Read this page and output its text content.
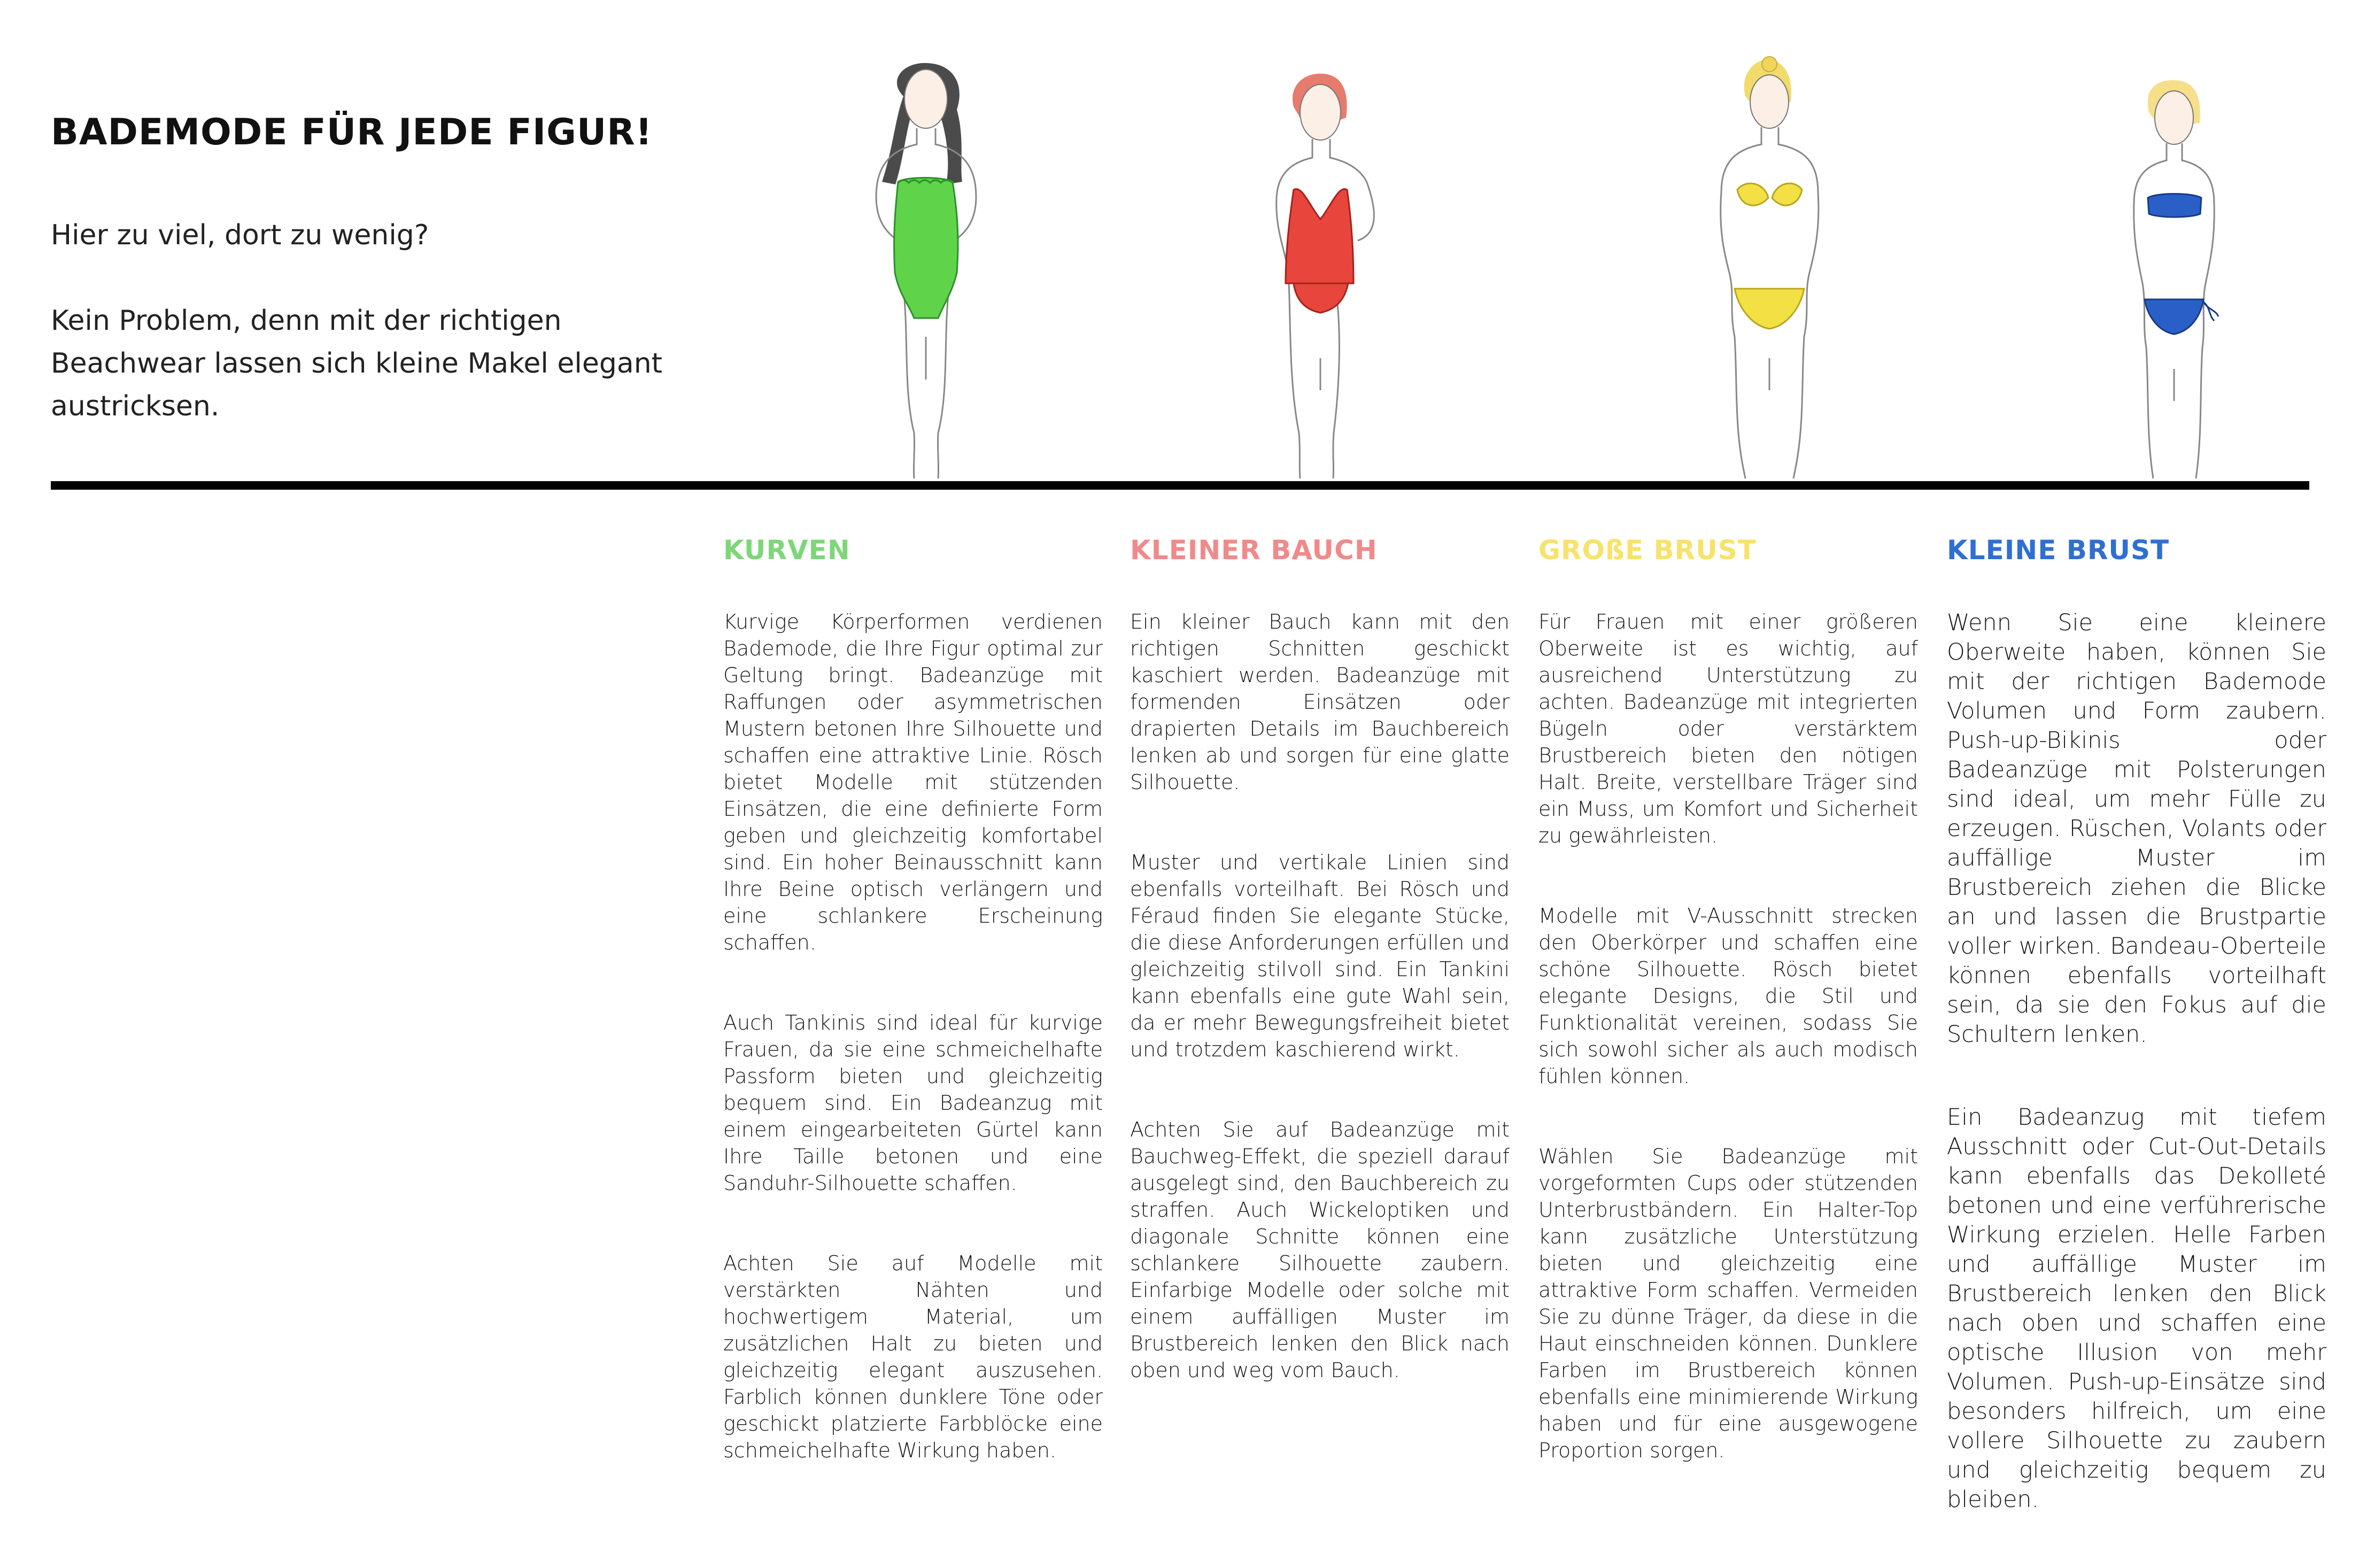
BADEMODE FÜR JEDE FIGUR!

Hier zu viel, dort zu wenig?

Kein Problem, denn mit der richtigen Beachwear lassen sich kleine Makel elegant austricksen.

KURVEN

Kurvige Körperformen verdienen Bademode, die Ihre Figur optimal zur Geltung bringt. Badeanzüge mit Raffungen oder asymmetrischen Mustern betonen Ihre Silhouette und schaffen eine attraktive Linie. Rösch bietet Modelle mit stützenden Einsätzen, die eine definierte Form geben und gleichzeitig komfortabel sind. Ein hoher Beinausschnitt kann Ihre Beine optisch verlängern und eine schlankere Erscheinung schaffen.

Auch Tankinis sind ideal für kurvige Frauen, da sie eine schmeichelhafte Passform bieten und gleichzeitig bequem sind. Ein Badeanzug mit einem eingearbeiteten Gürtel kann Ihre Taille betonen und eine Sanduhr-Silhouette schaffen.

Achten Sie auf Modelle mit verstärkten Nähten und hochwertigem Material, um zusätzlichen Halt zu bieten und gleichzeitig elegant auszusehen. Farblich können dunklere Töne oder geschickt platzierte Farbblöcke eine schmeichelhafte Wirkung haben.

KLEINER BAUCH

Ein kleiner Bauch kann mit den richtigen Schnitten geschickt kaschiert werden. Badeanzüge mit formenden Einsätzen oder drapierten Details im Bauchbereich lenken ab und sorgen für eine glatte Silhouette.

Muster und vertikale Linien sind ebenfalls vorteilhaft. Bei Rösch und Féraud finden Sie elegante Stücke, die diese Anforderungen erfüllen und gleichzeitig stilvoll sind. Ein Tankini kann ebenfalls eine gute Wahl sein, da er mehr Bewegungsfreiheit bietet und trotzdem kaschierend wirkt.

Achten Sie auf Badeanzüge mit Bauchweg-Effekt, die speziell darauf ausgelegt sind, den Bauchbereich zu straffen. Auch Wickeloptiken und diagonale Schnitte können eine schlankere Silhouette zaubern. Einfarbige Modelle oder solche mit einem auffälligen Muster im Brustbereich lenken den Blick nach oben und weg vom Bauch.

GROßE BRUST

Für Frauen mit einer größeren Oberweite ist es wichtig, auf ausreichend Unterstützung zu achten. Badeanzüge mit integrierten Bügeln oder verstärktem Brustbereich bieten den nötigen Halt. Breite, verstellbare Träger sind ein Muss, um Komfort und Sicherheit zu gewährleisten.

Modelle mit V-Ausschnitt strecken den Oberkörper und schaffen eine schöne Silhouette. Rösch bietet elegante Designs, die Stil und Funktionalität vereinen, sodass Sie sich sowohl sicher als auch modisch fühlen können.

Wählen Sie Badeanzüge mit vorgeformten Cups oder stützenden Unterbrustbändern. Ein Halter-Top kann zusätzliche Unterstützung bieten und gleichzeitig eine attraktive Form schaffen. Vermeiden Sie zu dünne Träger, da diese in die Haut einschneiden können. Dunklere Farben im Brustbereich können ebenfalls eine minimierende Wirkung haben und für eine ausgewogene Proportion sorgen.

KLEINE BRUST

Wenn Sie eine kleinere Oberweite haben, können Sie mit der richtigen Bademode Volumen und Form zaubern. Push-up-Bikinis oder Badeanzüge mit Polsterungen sind ideal, um mehr Fülle zu erzeugen. Rüschen, Volants oder auffällige Muster im Brustbereich ziehen die Blicke an und lassen die Brustpartie voller wirken. Bandeau-Oberteile können ebenfalls vorteilhaft sein, da sie den Fokus auf die Schultern lenken.

Ein Badeanzug mit tiefem Ausschnitt oder Cut-Out-Details kann ebenfalls das Dekolleté betonen und eine verführerische Wirkung erzielen. Helle Farben und auffällige Muster im Brustbereich lenken den Blick nach oben und schaffen eine optische Illusion von mehr Volumen. Push-up-Einsätze sind besonders hilfreich, um eine vollere Silhouette zu zaubern und gleichzeitig bequem zu bleiben.
